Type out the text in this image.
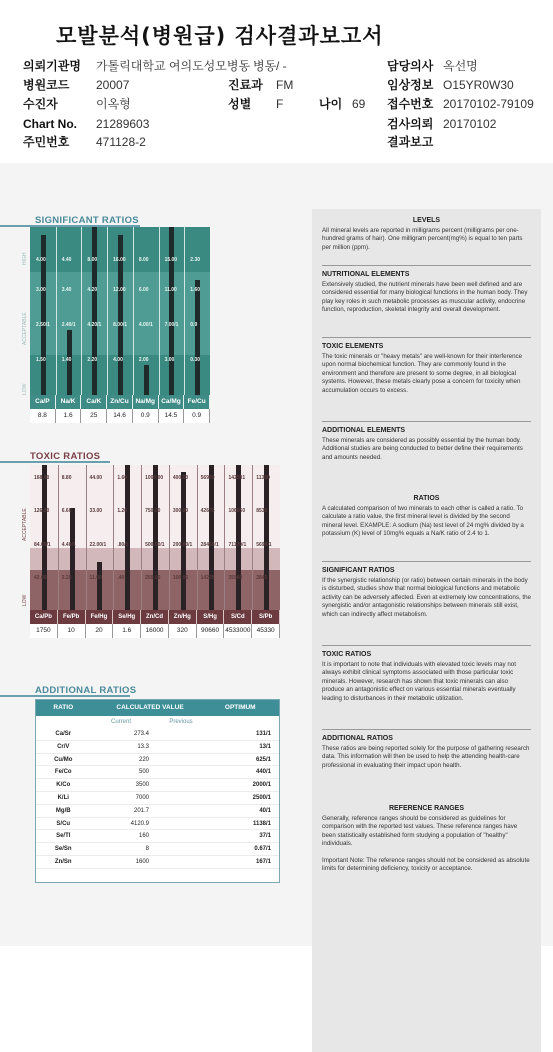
모발분석(병원급) 검사결과보고서
의뢰기관명 가톨릭대학교 여의도성모병동 병동 / -	담당의사 옥선명
병원코드 20007	진료과 FM	임상정보 O15YR0W30
수진자	이옥형	성별 F	나이 69 접수번호 20170102-79109
Chart No. 21289603	검사의뢰 20170102
주민번호 471128-2	결과보고
SIGNIFICANT RATIOS
HIGH
ACCEPTABLE
LOW
4.00
3.00
2.50/1
1.50
4.40
3.40
2.40/1
1.40
8.00
4.20
4.20/1
2.20
16.00
12.00
8.00/1
4.00
8.00
6.00
4.00/1
2.00
15.00
11.00
7.00/1
3.00
2.30
1.60
0.9
0.30
Ca/P	Na/K	Ca/K	Zn/Cu	Na/Mg Ca/Mg	Fe/Cu
8.8	1.6	25	14.6	0.9	14.5	0.9
TOXIC RATIOS
ACCEPTABLE
LOW
168.00
126.00
84.00/1
42.00
8.80
6.60
4.40/1
2.20
44.00
33.00
22.00/1
11.00
1.60
1.20
.80/1
.40
1000.00
750.00
500.00/1
250.00
400.00
300.00
200.00/1
100.00
56900
42675
28450/1
14225
142281
106660
71120/1
35560
11380
8535
5690/1
2845
Ca/Pb	Fe/Pb	Fe/Hg	Se/Hg	Zn/Cd	Zn/Hg	S/Hg	S/Cd	S/Pb
1750	10	20	1.6	16000	320	90660 4533000 45330
ADDITIONAL RATIOS
RATIO	CALCULATED VALUE	OPTIMUM
Current	Previous
Ca/Sr	273.4	131/1
Cr/V	13.3	13/1
Cu/Mo	220	625/1
Fe/Co	500	440/1
K/Co	3500	2000/1
K/Li	7000	2500/1
Mg/B	201.7	40/1
S/Cu	4120.9	1138/1
Se/Tl	160	37/1
Se/Sn	8	0.67/1
Zn/Sn	1600	167/1
LEVELS
All mineral levels are reported in milligrams percent (milligrams per one-hundred grams of hair). One milligram percent(mg%) is equal to ten parts per million (ppm).
NUTRITIONAL ELEMENTS
Extensively studied, the nutrient minerals have been well defined and are considered essential for many biological functions in the human body. They play key roles in such metabolic processes as muscular activity, endocrine function, reproduction, skeletal integrity and overall development.
TOXIC ELEMENTS
The toxic minerals or "heavy metals" are well-known for their interference upon normal biochemical function. They are commonly found in the environment and therefore are present to some degree, in all biological systems. However, these metals clearly pose a concern for toxicity when accumulation occurs to excess.
ADDITIONAL ELEMENTS
These minerals are considered as possibly essential by the human body. Additional studies are being conducted to better define their requirements and amounts needed.
RATIOS
A calculated comparison of two minerals to each other is called a ratio. To calculate a ratio value, the first mineral level is divided by the second mineral level. EXAMPLE: A sodium (Na) test level of 24 mg% divided by a potassium (K) level of 10mg% equals a Na/K ratio of 2.4 to 1.
SIGNIFICANT RATIOS
If the synergistic relationship (or ratio) between certain minerals in the body is disturbed, studies show that normal biological functions and metabolic activity can be adversely affected. Even at extremely low concentrations, the synergistic and/or antagonistic relationships between minerals still exist, which can indirectly affect metabolism.
TOXIC RATIOS
It is important to note that individuals with elevated toxic levels may not always exhibit clinical symptoms associated with those particular toxic minerals. However, research has shown that toxic minerals can also produce an antagonistic effect on various essential minerals eventually leading to disturbances in their metabolic utilization.
ADDITIONAL RATIOS
These ratios are being reported solely for the purpose of gathering research data. This information will then be used to help the attending health-care professional in evaluating their impact upon health.
REFERENCE RANGES
Generally, reference ranges should be considered as guidelines for comparison with the reported test values. These reference ranges have been statistically established form studying a population of "healthy" individuals.
Important Note: The reference ranges should not be considered as absolute limits for determining deficiency, toxicity or acceptance.
